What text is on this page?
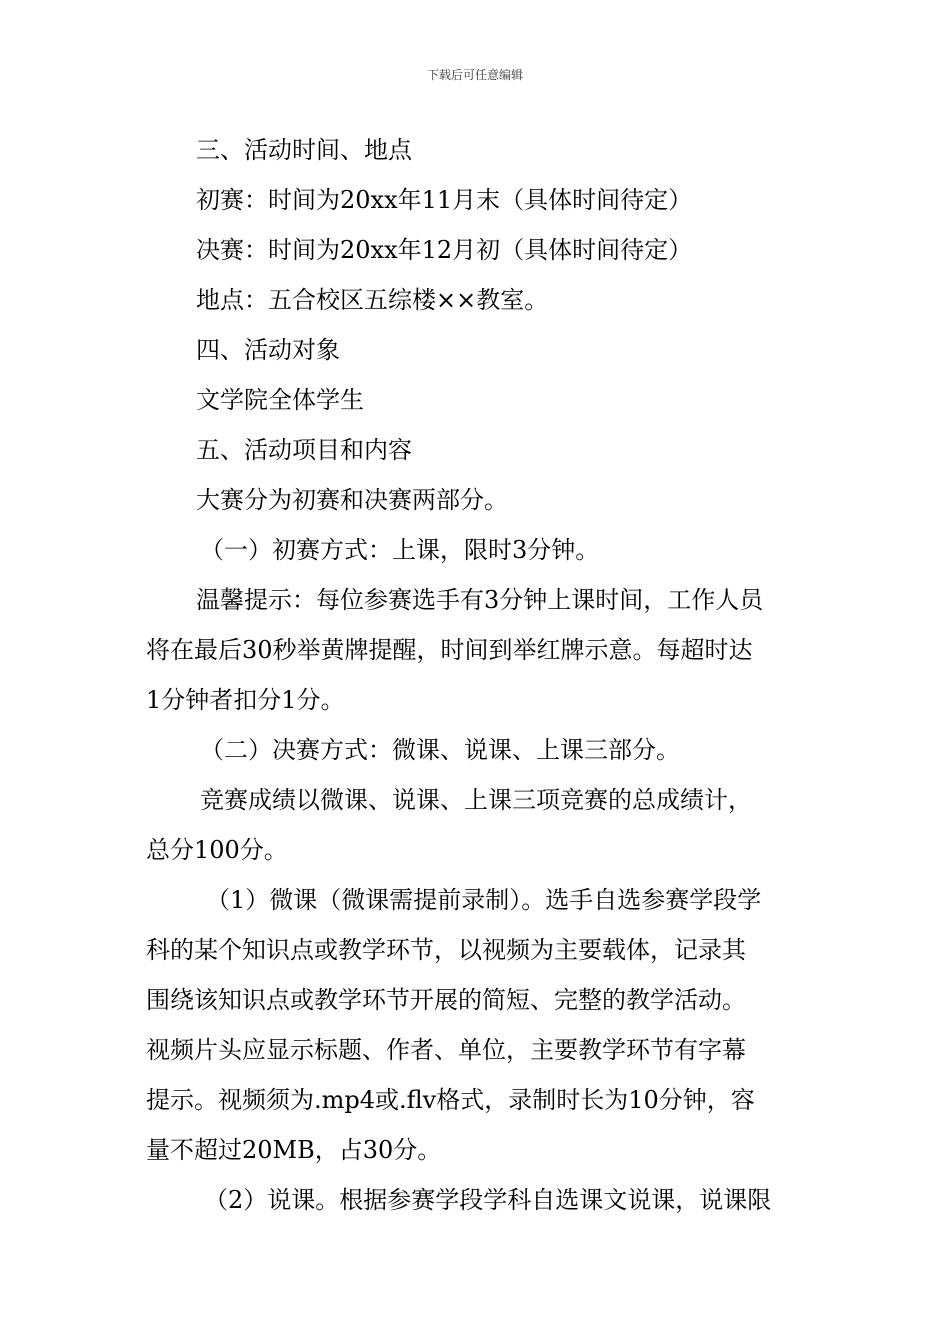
下载后可任意编辑
三、活动时间、地点
初赛：时间为20xx年11月末（具体时间待定）
决赛：时间为20xx年12月初（具体时间待定）
地点：五合校区五综楼××教室。
四、活动对象
文学院全体学生
五、活动项目和内容
大赛分为初赛和决赛两部分。
（一）初赛方式：上课，限时3分钟。
温馨提示：每位参赛选手有3分钟上课时间，工作人员
将在最后30秒举黄牌提醒，时间到举红牌示意。每超时达
1分钟者扣分1分。
（二）决赛方式：微课、说课、上课三部分。
竞赛成绩以微课、说课、上课三项竞赛的总成绩计，
总分100分。
（1）微课（微课需提前录制）。选手自选参赛学段学
科的某个知识点或教学环节，以视频为主要载体，记录其
围绕该知识点或教学环节开展的简短、完整的教学活动。
视频片头应显示标题、作者、单位，主要教学环节有字幕
提示。视频须为.mp4或.flv格式，录制时长为10分钟，容
量不超过20MB，占30分。
（2）说课。根据参赛学段学科自选课文说课，说课限
